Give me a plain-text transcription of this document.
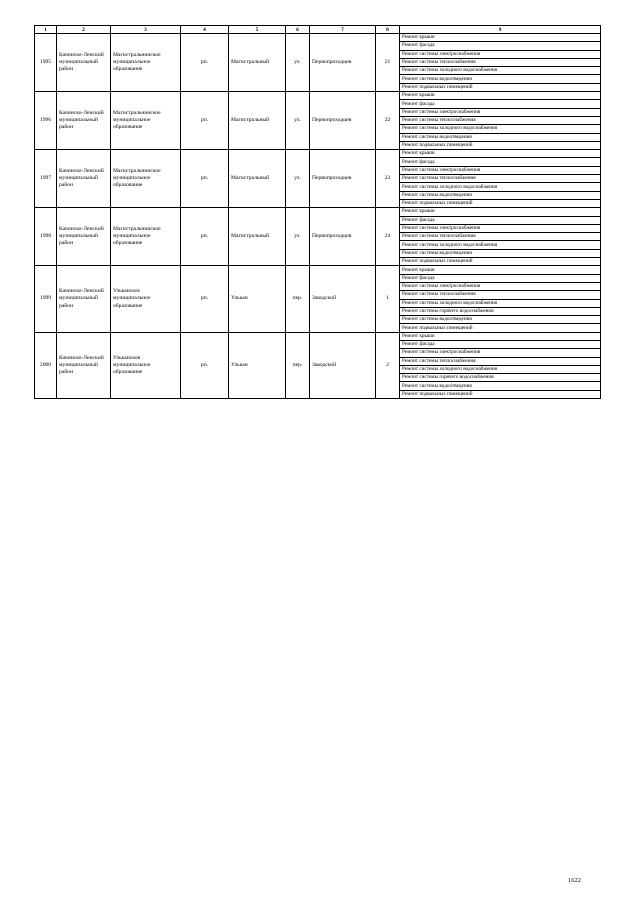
1	2	3	4	5	6	7	8	9
1995	Качинско-Ленский муниципальный район	Магистральнинское муниципальное образование	рп.	Магистральный	ул.	Первопроходцев	21	Ремонт крыши
								Ремонт фасада
								Ремонт системы электроснабжения
								Ремонт системы теплоснабжения
								Ремонт системы холодного водоснабжения
								Ремонт системы водоотведения
								Ремонт подвальных помещений
1996	Качинско-Ленский муниципальный район	Магистральнинское муниципальное образование	рп.	Магистральный	ул.	Первопроходцев	22	Ремонт крыши
								Ремонт фасада
								Ремонт системы электроснабжения
								Ремонт системы теплоснабжения
								Ремонт системы холодного водоснабжения
								Ремонт системы водоотведения
								Ремонт подвальных помещений
1997	Качинско-Ленский муниципальный район	Магистральнинское муниципальное образование	рп.	Магистральный	ул.	Первопроходцев	23	Ремонт крыши
								Ремонт фасада
								Ремонт системы электроснабжения
								Ремонт системы теплоснабжения
								Ремонт системы холодного водоснабжения
								Ремонт системы водоотведения
								Ремонт подвальных помещений
1998	Качинско-Ленский муниципальный район	Магистральнинское муниципальное образование	рп.	Магистральный	ул.	Первопроходцев	24	Ремонт крыши
								Ремонт фасада
								Ремонт системы электроснабжения
								Ремонт системы теплоснабжения
								Ремонт системы холодного водоснабжения
								Ремонт системы водоотведения
								Ремонт подвальных помещений
1999	Качинско-Ленский муниципальный район	Ульканское муниципальное образование	рп.	Улькан	пер.	Заводской	1	Ремонт крыши
								Ремонт фасада
								Ремонт системы электроснабжения
								Ремонт системы теплоснабжения
								Ремонт системы холодного водоснабжения
								Ремонт системы горячего водоснабжения
								Ремонт системы водоотведения
								Ремонт подвальных помещений
2000	Качинско-Ленский муниципальный район	Улькансков муниципальное образование	рп.	Улькан	пер.	Заводской	2	Ремонт крыши
								Ремонт фасада
								Ремонт системы электроснабжения
								Ремонт системы теплоснабжения
								Ремонт системы холодного водоснабжения
								Ремонт системы горячего водоснабжения
								Ремонт системы водоотведения
								Ремонт подвальных помещений
1622
